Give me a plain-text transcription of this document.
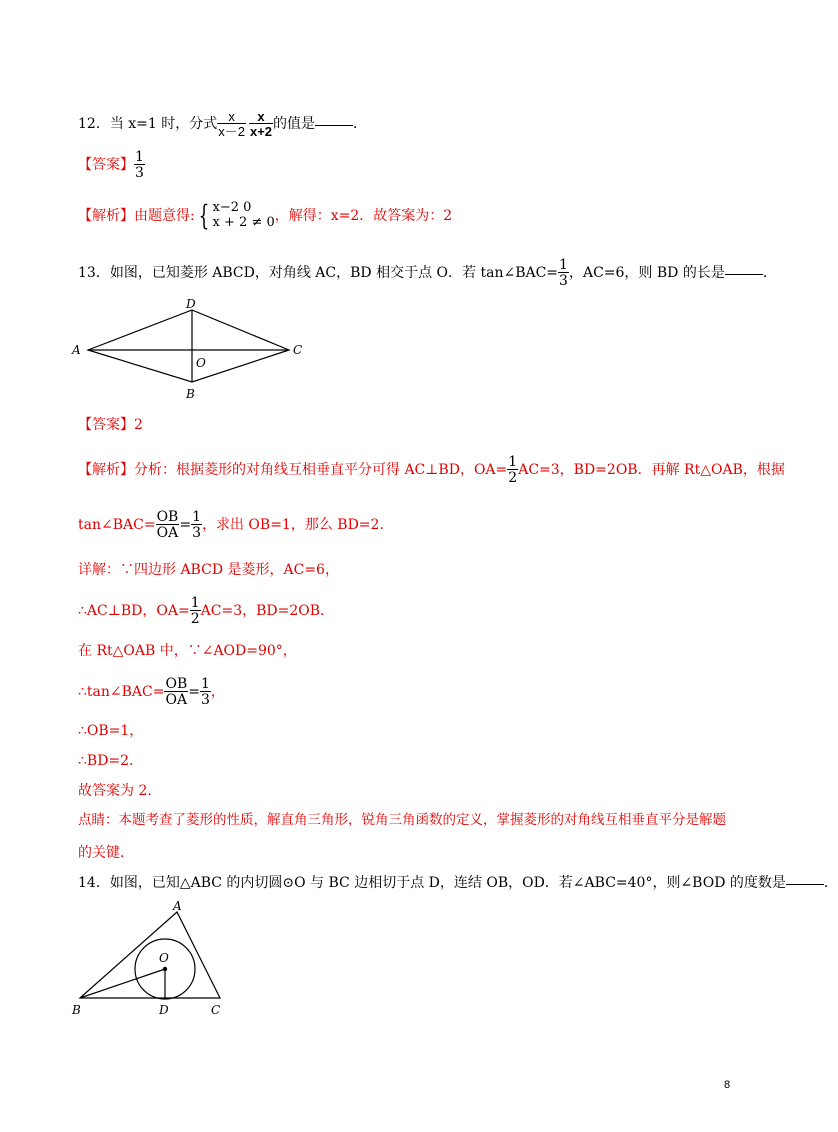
12．当 x=1 时，分式 $\frac{x}{x-2} \frac{x}{x+2}$ 的值是	．
【答案】 $\frac{1}{3}$
【解析】由题意得: { x−2 0
x + 2 ≠ 0 ，解得：x=2．故答案为：2
13．如图，已知菱形 ABCD，对角线 AC，BD 相交于点 O．若 tan∠BAC= $\frac{1}{3}$ ，AC=6，则 BD 的长是	．
A
D
C
B
O
【答案】2
【解析】分析：根据菱形的对角线互相垂直平分可得 AC⊥BD，$OA= \frac{1}{2} AC=3$，BD=2OB．再解 Rt△OAB，根据
tan∠BAC= $\frac{OB}{OA} = \frac{1}{3}$ ，求出 OB=1，那么 BD=2．
详解：∵四边形 ABCD 是菱形，AC=6，
∴AC⊥BD，$OA= \frac{1}{2} AC=3$，BD=2OB．
在 Rt△OAB 中，∵∠AOD=90°，
∴tan∠BAC= $\frac{OB}{OA} = \frac{1}{3}$ ，
∴OB=1，
∴BD=2．
故答案为 2．
点睛：本题考查了菱形的性质，解直角三角形，锐角三角函数的定义，掌握菱形的对角线互相垂直平分是解题
的关键．
14．如图，已知△ABC 的内切圆⊙O 与 BC 边相切于点 D，连结 OB，OD．若∠ABC=40°，则∠BOD 的度数是	．
A
O
B	D	C
8
